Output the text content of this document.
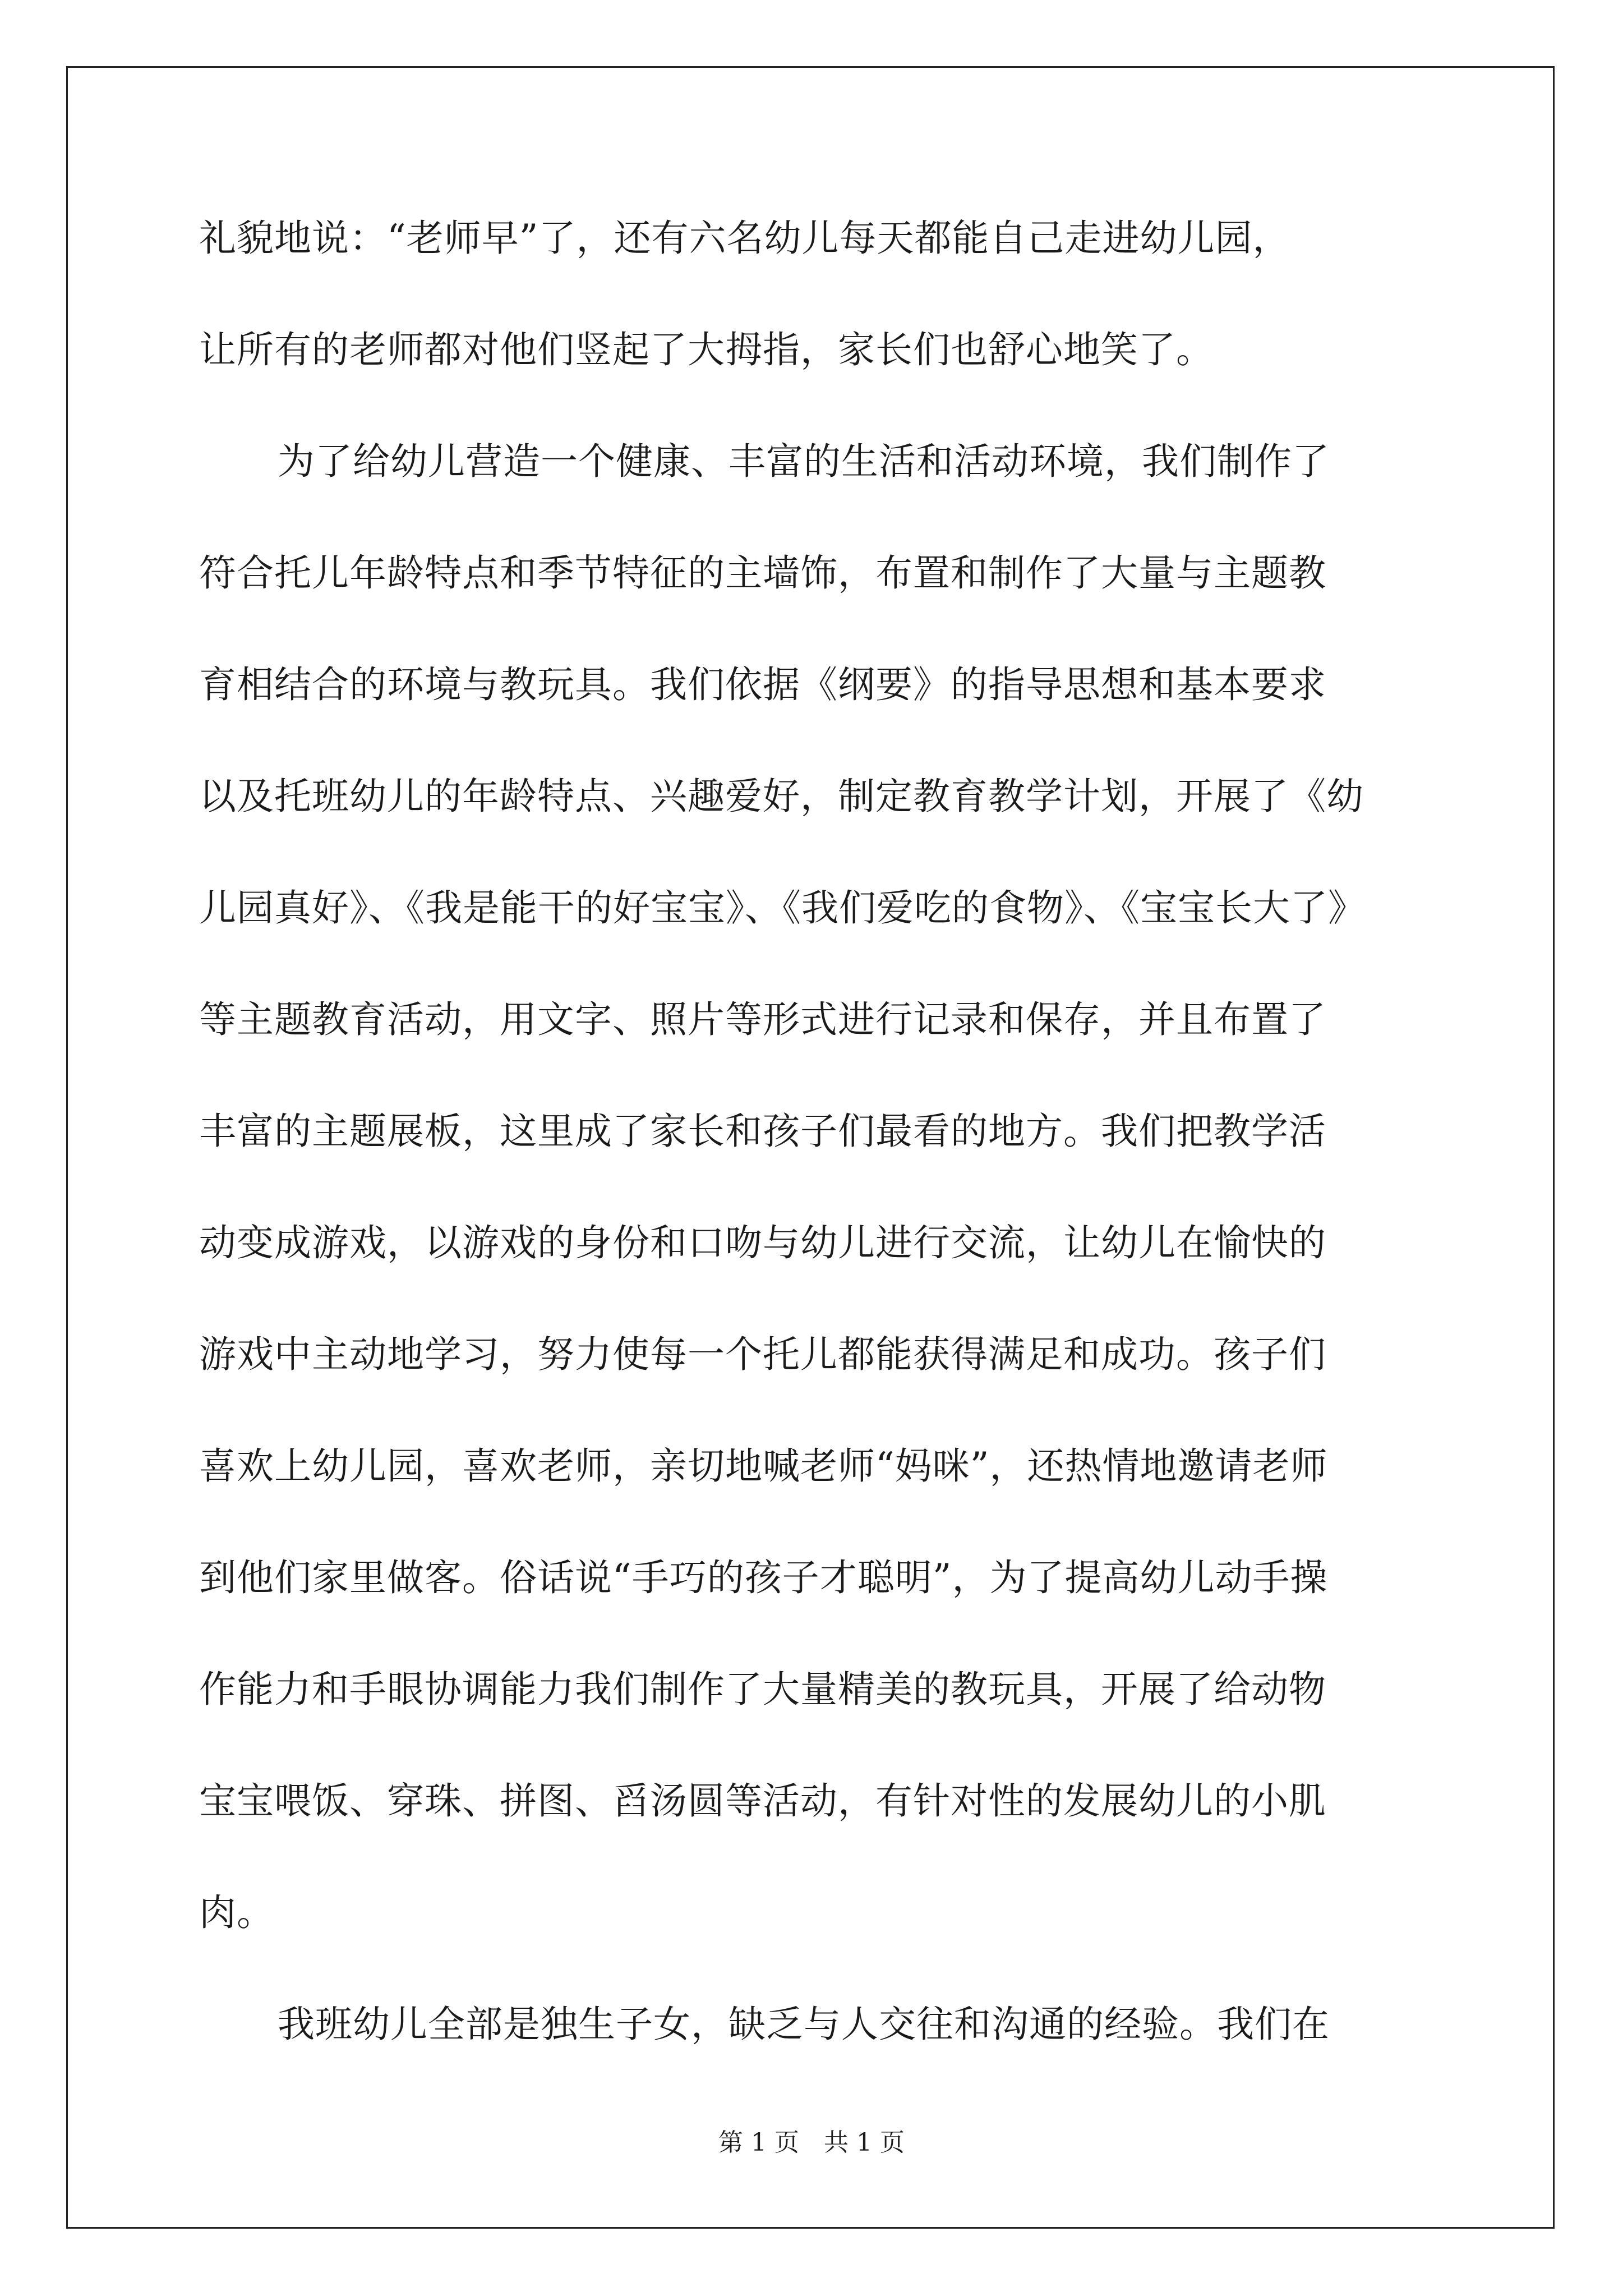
礼貌地说：“老师早”了，还有六名幼儿每天都能自己走进幼儿园，
让所有的老师都对他们竖起了大拇指，家长们也舒心地笑了。
为了给幼儿营造一个健康、丰富的生活和活动环境，我们制作了
符合托儿年龄特点和季节特征的主墙饰，布置和制作了大量与主题教
育相结合的环境与教玩具。我们依据《纲要》的指导思想和基本要求
以及托班幼儿的年龄特点、兴趣爱好，制定教育教学计划，开展了《幼
儿园真好》、《我是能干的好宝宝》、《我们爱吃的食物》、《宝宝长大了》
等主题教育活动，用文字、照片等形式进行记录和保存，并且布置了
丰富的主题展板，这里成了家长和孩子们最看的地方。我们把教学活
动变成游戏，以游戏的身份和口吻与幼儿进行交流，让幼儿在愉快的
游戏中主动地学习，努力使每一个托儿都能获得满足和成功。孩子们
喜欢上幼儿园，喜欢老师，亲切地喊老师“妈咪”，还热情地邀请老师
到他们家里做客。俗话说“手巧的孩子才聪明”，为了提高幼儿动手操
作能力和手眼协调能力我们制作了大量精美的教玩具，开展了给动物
宝宝喂饭、穿珠、拼图、舀汤圆等活动，有针对性的发展幼儿的小肌
肉。
我班幼儿全部是独生子女，缺乏与人交往和沟通的经验。我们在
第 1 页　共 1 页
